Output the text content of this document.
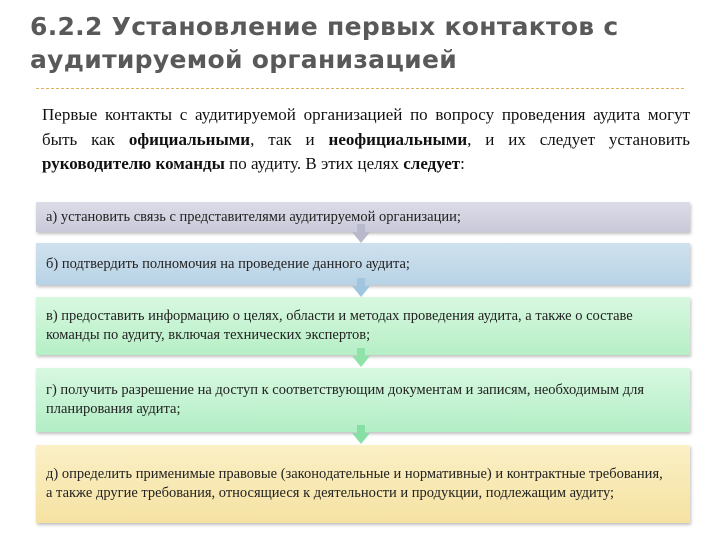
6.2.2 Установление первых контактов с аудитируемой организацией
Первые контакты с аудитируемой организацией по вопросу проведения аудита могут быть как официальными, так и неофициальными, и их следует установить руководителю команды по аудиту. В этих целях следует:
а) установить связь с представителями аудитируемой организации;
б) подтвердить полномочия на проведение данного аудита;
в) предоставить информацию о целях, области и методах проведения аудита, а также о составе команды по аудиту, включая технических экспертов;
г) получить разрешение на доступ к соответствующим документам и записям, необходимым для планирования аудита;
д) определить применимые правовые (законодательные и нормативные) и контрактные требования, а также другие требования, относящиеся к деятельности и продукции, подлежащим аудиту;
